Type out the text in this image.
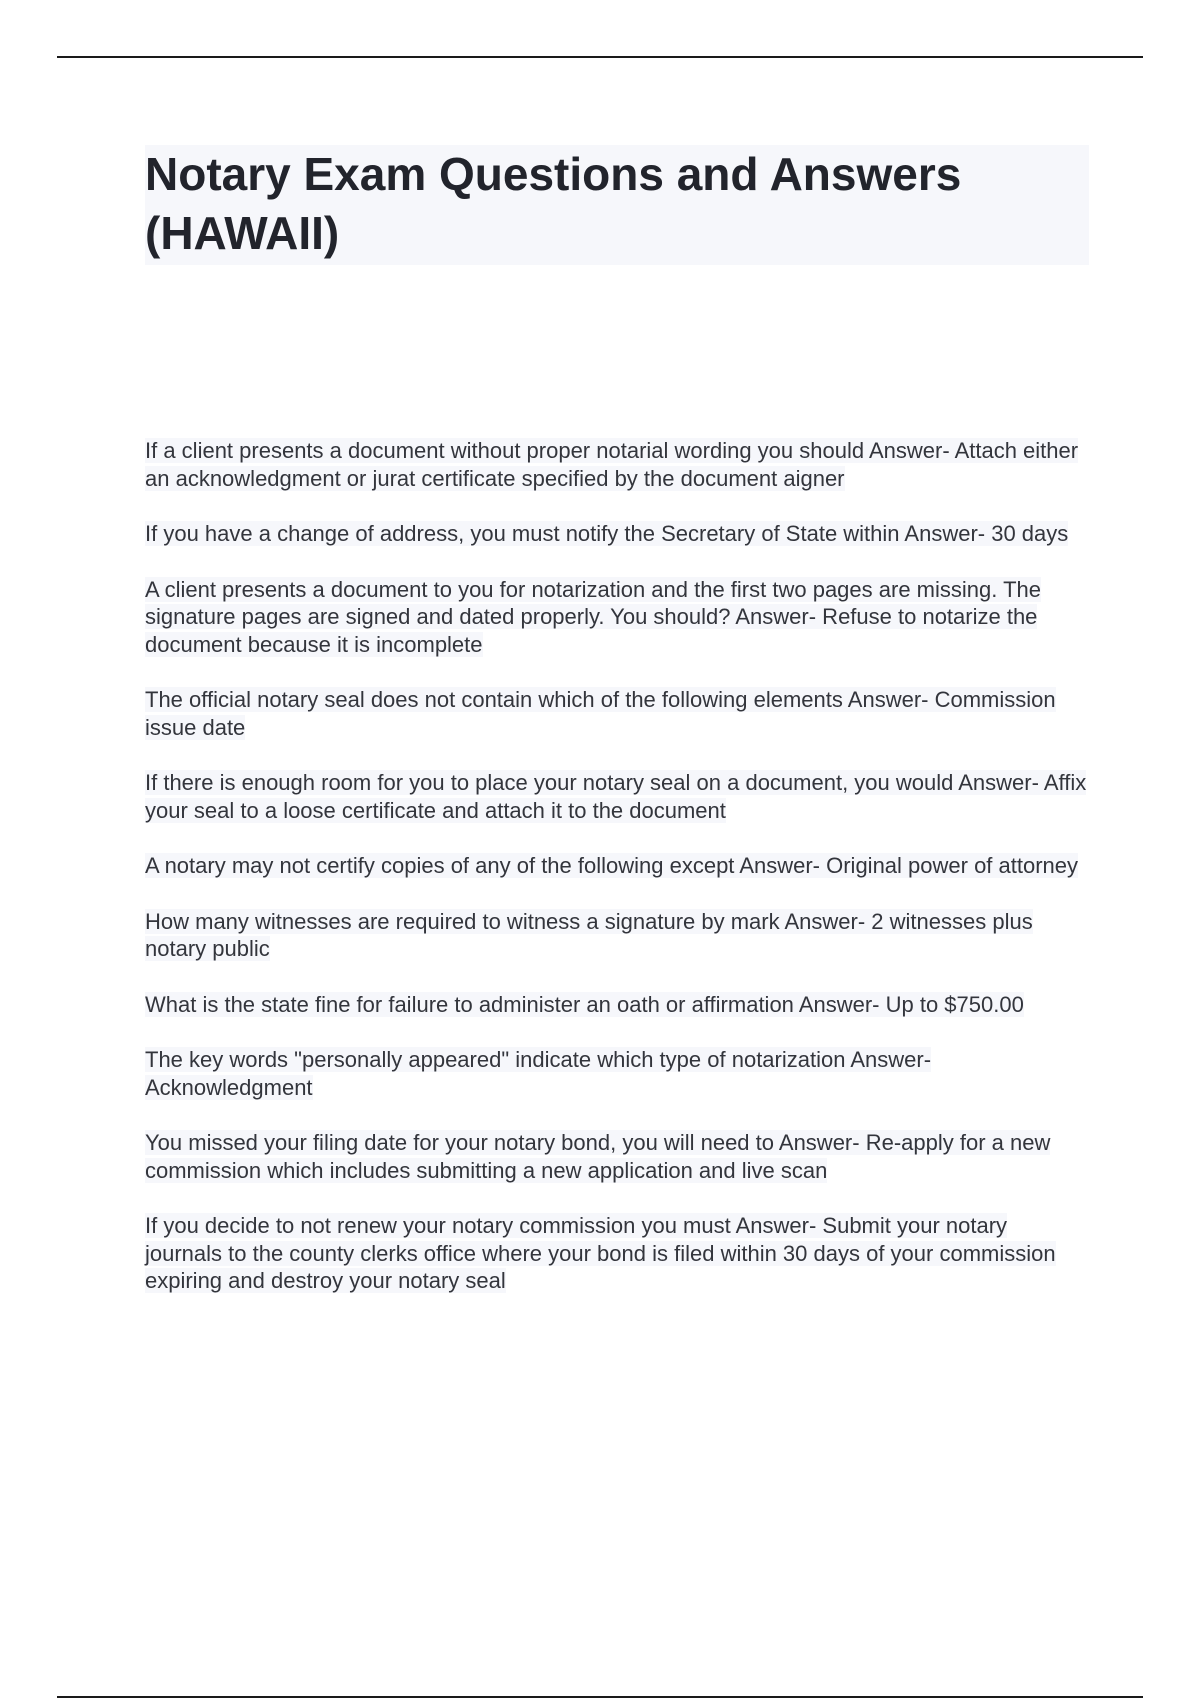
Notary Exam Questions and Answers (HAWAII)

If a client presents a document without proper notarial wording you should Answer- Attach either an acknowledgment or jurat certificate specified by the document aigner

If you have a change of address, you must notify the Secretary of State within Answer- 30 days

A client presents a document to you for notarization and the first two pages are missing. The signature pages are signed and dated properly. You should? Answer- Refuse to notarize the document because it is incomplete

The official notary seal does not contain which of the following elements Answer- Commission issue date

If there is enough room for you to place your notary seal on a document, you would Answer- Affix your seal to a loose certificate and attach it to the document

A notary may not certify copies of any of the following except Answer- Original power of attorney

How many witnesses are required to witness a signature by mark Answer- 2 witnesses plus notary public

What is the state fine for failure to administer an oath or affirmation Answer- Up to $750.00

The key words "personally appeared" indicate which type of notarization Answer- Acknowledgment

You missed your filing date for your notary bond, you will need to Answer- Re-apply for a new commission which includes submitting a new application and live scan

If you decide to not renew your notary commission you must Answer- Submit your notary journals to the county clerks office where your bond is filed within 30 days of your commission expiring and destroy your notary seal
